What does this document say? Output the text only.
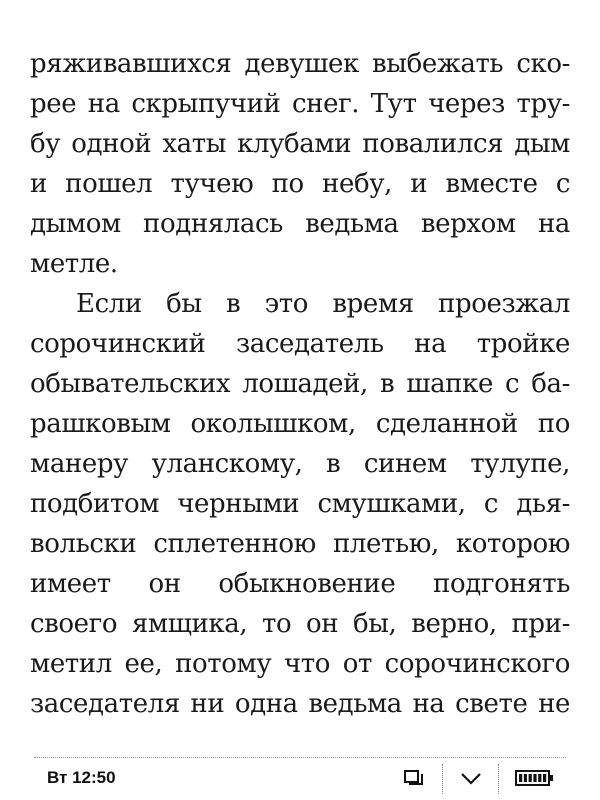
ряживавшихся девушек выбежать ско-
рее на скрыпучий снег. Тут через тру-
бу одной хаты клубами повалился дым
и пошел тучею по небу, и вместе с
дымом поднялась ведьма верхом на
метле.
Если бы в это время проезжал
сорочинский заседатель на тройке
обывательских лошадей, в шапке с ба-
рашковым околышком, сделанной по
манеру уланскому, в синем тулупе,
подбитом черными смушками, с дья-
вольски сплетенною плетью, которою
имеет он обыкновение подгонять
своего ямщика, то он бы, верно, при-
метил ее, потому что от сорочинского
заседателя ни одна ведьма на свете не
Вт 12:50
